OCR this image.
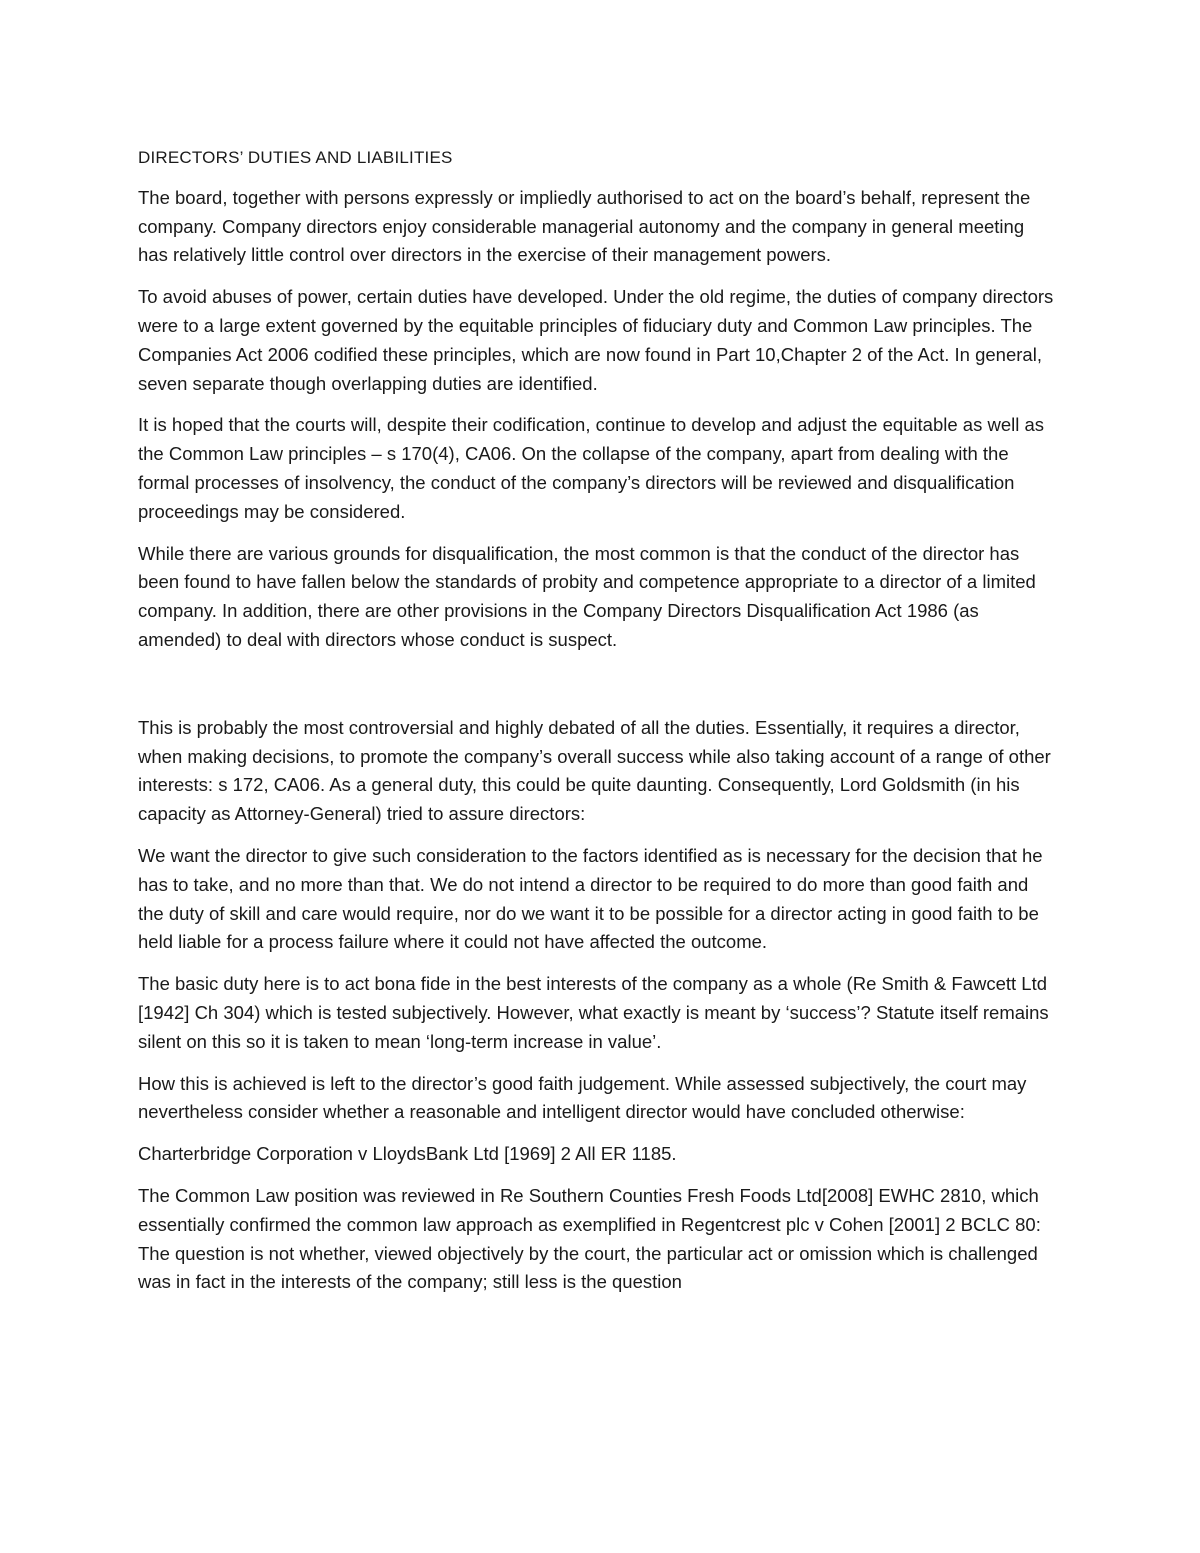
DIRECTORS’ DUTIES AND LIABILITIES

The board, together with persons expressly or impliedly authorised to act on the board’s behalf, represent the company. Company directors enjoy considerable managerial autonomy and the company in general meeting has relatively little control over directors in the exercise of their management powers.

To avoid abuses of power, certain duties have developed. Under the old regime, the duties of company directors were to a large extent governed by the equitable principles of fiduciary duty and Common Law principles. The Companies Act 2006 codified these principles, which are now found in Part 10,Chapter 2 of the Act. In general, seven separate though overlapping duties are identified.

It is hoped that the courts will, despite their codification, continue to develop and adjust the equitable as well as the Common Law principles – s 170(4), CA06. On the collapse of the company, apart from dealing with the formal processes of insolvency, the conduct of the company’s directors will be reviewed and disqualification proceedings may be considered.

While there are various grounds for disqualification, the most common is that the conduct of the director has been found to have fallen below the standards of probity and competence appropriate to a director of a limited company. In addition, there are other provisions in the Company Directors Disqualification Act 1986 (as amended) to deal with directors whose conduct is suspect.

This is probably the most controversial and highly debated of all the duties. Essentially, it requires a director, when making decisions, to promote the company’s overall success while also taking account of a range of other interests: s 172, CA06. As a general duty, this could be quite daunting. Consequently, Lord Goldsmith (in his capacity as Attorney-General) tried to assure directors:

We want the director to give such consideration to the factors identified as is necessary for the decision that he has to take, and no more than that. We do not intend a director to be required to do more than good faith and the duty of skill and care would require, nor do we want it to be possible for a director acting in good faith to be held liable for a process failure where it could not have affected the outcome.

The basic duty here is to act bona fide in the best interests of the company as a whole (Re Smith & Fawcett Ltd [1942] Ch 304) which is tested subjectively. However, what exactly is meant by ‘success’? Statute itself remains silent on this so it is taken to mean ‘long-term increase in value’.

How this is achieved is left to the director’s good faith judgement. While assessed subjectively, the court may nevertheless consider whether a reasonable and intelligent director would have concluded otherwise:

Charterbridge Corporation v LloydsBank Ltd [1969] 2 All ER 1185.

The Common Law position was reviewed in Re Southern Counties Fresh Foods Ltd[2008] EWHC 2810, which essentially confirmed the common law approach as exemplified in Regentcrest plc v Cohen [2001] 2 BCLC 80: The question is not whether, viewed objectively by the court, the particular act or omission which is challenged was in fact in the interests of the company; still less is the question
